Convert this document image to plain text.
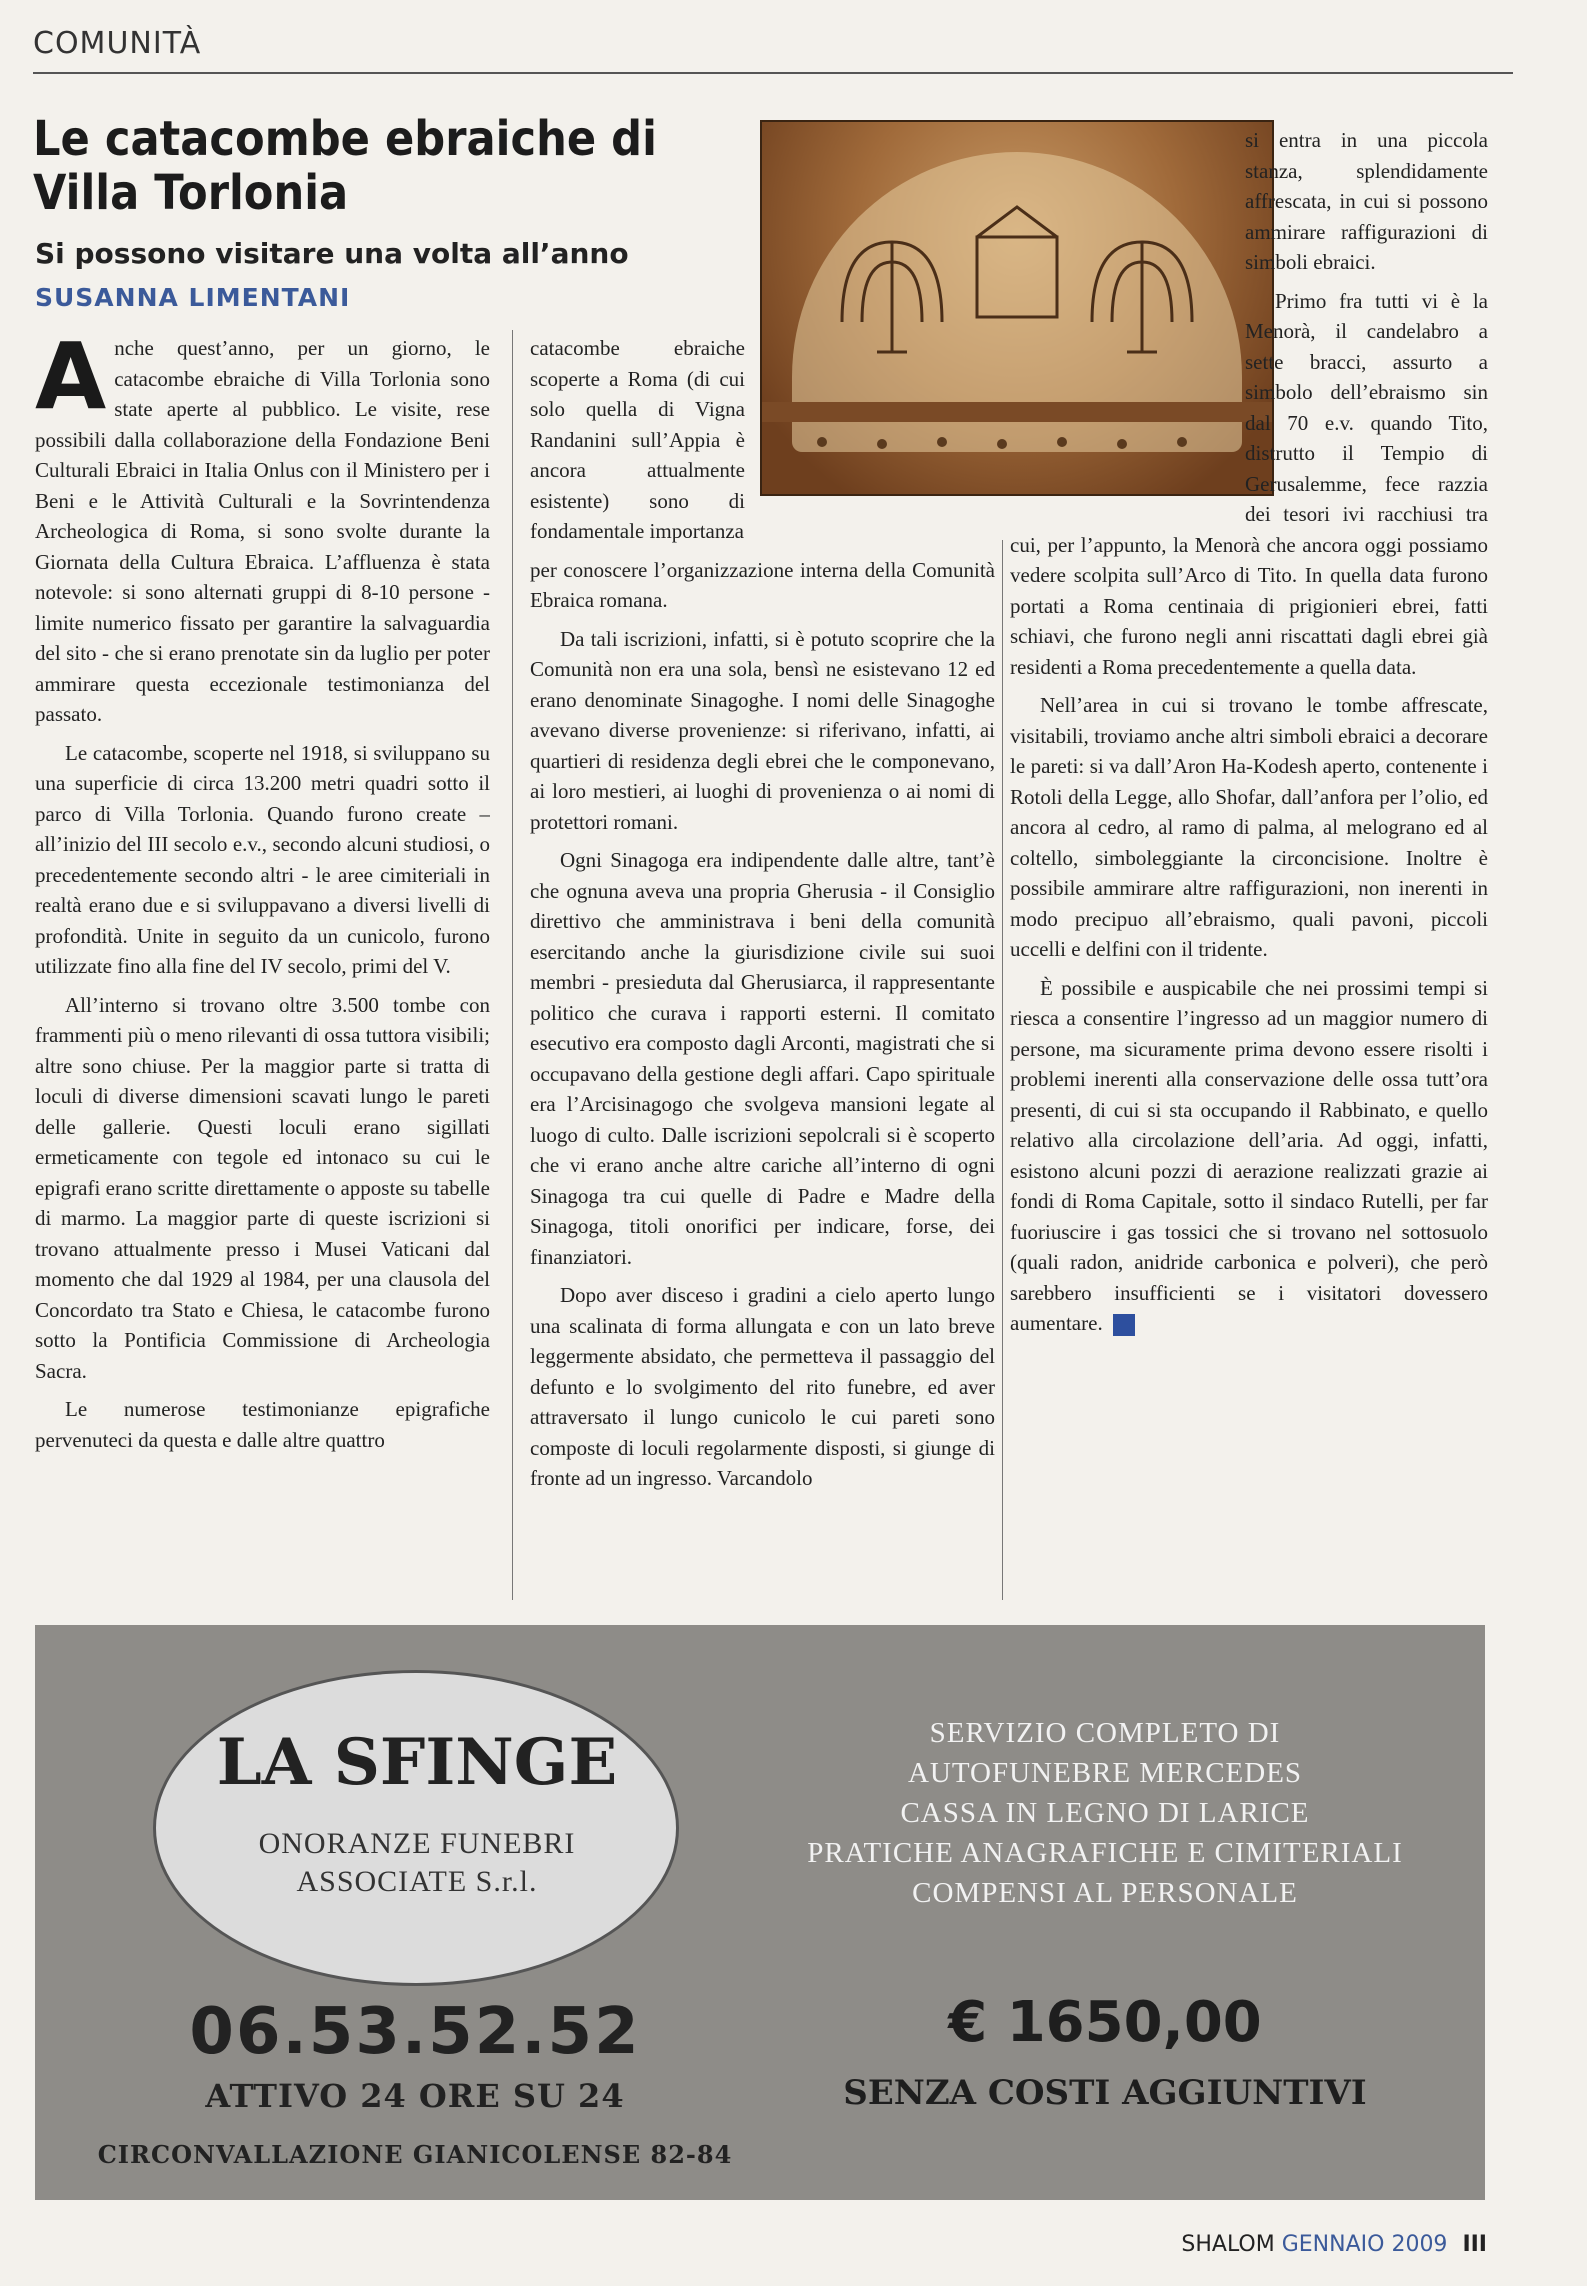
COMUNITÀ
Le catacombe ebraiche di Villa Torlonia
Si possono visitare una volta all’anno
SUSANNA LIMENTANI

Anche quest’anno, per un giorno, le catacombe ebraiche di Villa Torlonia sono state aperte al pubblico. Le visite, rese possibili dalla collaborazione della Fondazione Beni Culturali Ebraici in Italia Onlus con il Ministero per i Beni e le Attività Culturali e la Sovrintendenza Archeologica di Roma, si sono svolte durante la Giornata della Cultura Ebraica. L’affluenza è stata notevole: si sono alternati gruppi di 8-10 persone - limite numerico fissato per garantire la salvaguardia del sito - che si erano prenotate sin da luglio per poter ammirare questa eccezionale testimonianza del passato.

Le catacombe, scoperte nel 1918, si sviluppano su una superficie di circa 13.200 metri quadri sotto il parco di Villa Torlonia. Quando furono create – all’inizio del III secolo e.v., secondo alcuni studiosi, o precedentemente secondo altri - le aree cimiteriali in realtà erano due e si sviluppavano a diversi livelli di profondità. Unite in seguito da un cunicolo, furono utilizzate fino alla fine del IV secolo, primi del V.

All’interno si trovano oltre 3.500 tombe con frammenti più o meno rilevanti di ossa tuttora visibili; altre sono chiuse. Per la maggior parte si tratta di loculi di diverse dimensioni scavati lungo le pareti delle gallerie. Questi loculi erano sigillati ermeticamente con tegole ed intonaco su cui le epigrafi erano scritte direttamente o apposte su tabelle di marmo. La maggior parte di queste iscrizioni si trovano attualmente presso i Musei Vaticani dal momento che dal 1929 al 1984, per una clausola del Concordato tra Stato e Chiesa, le catacombe furono sotto la Pontificia Commissione di Archeologia Sacra.

Le numerose testimonianze epigrafiche pervenuteci da questa e dalle altre quattro

catacombe ebraiche scoperte a Roma (di cui solo quella di Vigna Randanini sull’Appia è ancora attualmente esistente) sono di fondamentale importanza

per conoscere l’organizzazione interna della Comunità Ebraica romana.

Da tali iscrizioni, infatti, si è potuto scoprire che la Comunità non era una sola, bensì ne esistevano 12 ed erano denominate Sinagoghe. I nomi delle Sinagoghe avevano diverse provenienze: si riferivano, infatti, ai quartieri di residenza degli ebrei che le componevano, ai loro mestieri, ai luoghi di provenienza o ai nomi di protettori romani.

Ogni Sinagoga era indipendente dalle altre, tant’è che ognuna aveva una propria Gherusia - il Consiglio direttivo che amministrava i beni della comunità esercitando anche la giurisdizione civile sui suoi membri - presieduta dal Gherusiarca, il rappresentante politico che curava i rapporti esterni. Il comitato esecutivo era composto dagli Arconti, magistrati che si occupavano della gestione degli affari. Capo spirituale era l’Arcisinagogo che svolgeva mansioni legate al luogo di culto. Dalle iscrizioni sepolcrali si è scoperto che vi erano anche altre cariche all’interno di ogni Sinagoga tra cui quelle di Padre e Madre della Sinagoga, titoli onorifici per indicare, forse, dei finanziatori.

Dopo aver disceso i gradini a cielo aperto lungo una scalinata di forma allungata e con un lato breve leggermente absidato, che permetteva il passaggio del defunto e lo svolgimento del rito funebre, ed aver attraversato il lungo cunicolo le cui pareti sono composte di loculi regolarmente disposti, si giunge di fronte ad un ingresso. Varcandolo

si entra in una piccola stanza, splendidamente affrescata, in cui si possono ammirare raffigurazioni di simboli ebraici.

Primo fra tutti vi è la Menorà, il candelabro a sette bracci, assurto a simbolo dell’ebraismo sin dal 70 e.v. quando Tito, distrutto il Tempio di Gerusalemme, fece razzia dei tesori ivi racchiusi tra cui, per l’appunto, la Menorà che ancora oggi possiamo vedere scolpita sull’Arco di Tito. In quella data furono portati a Roma centinaia di prigionieri ebrei, fatti schiavi, che furono negli anni riscattati dagli ebrei già residenti a Roma precedentemente a quella data.

Nell’area in cui si trovano le tombe affrescate, visitabili, troviamo anche altri simboli ebraici a decorare le pareti: si va dall’Aron Ha-Kodesh aperto, contenente i Rotoli della Legge, allo Shofar, dall’anfora per l’olio, ed ancora al cedro, al ramo di palma, al melograno ed al coltello, simboleggiante la circoncisione. Inoltre è possibile ammirare altre raffigurazioni, non inerenti in modo precipuo all’ebraismo, quali pavoni, piccoli uccelli e delfini con il tridente.

È possibile e auspicabile che nei prossimi tempi si riesca a consentire l’ingresso ad un maggior numero di persone, ma sicuramente prima devono essere risolti i problemi inerenti alla conservazione delle ossa tutt’ora presenti, di cui si sta occupando il Rabbinato, e quello relativo alla circolazione dell’aria. Ad oggi, infatti, esistono alcuni pozzi di aerazione realizzati grazie ai fondi di Roma Capitale, sotto il sindaco Rutelli, per far fuoriuscire i gas tossici che si trovano nel sottosuolo (quali radon, anidride carbonica e polveri), che però sarebbero insufficienti se i visitatori dovessero aumentare.

LA SFINGE
ONORANZE FUNEBRI
ASSOCIATE S.r.l.
06.53.52.52
ATTIVO 24 ORE SU 24
CIRCONVALLAZIONE GIANICOLENSE 82-84
SERVIZIO COMPLETO DI
AUTOFUNEBRE MERCEDES
CASSA IN LEGNO DI LARICE
PRATICHE ANAGRAFICHE E CIMITERIALI
COMPENSI AL PERSONALE
€ 1650,00
SENZA COSTI AGGIUNTIVI
SHALOM GENNAIO 2009 III
